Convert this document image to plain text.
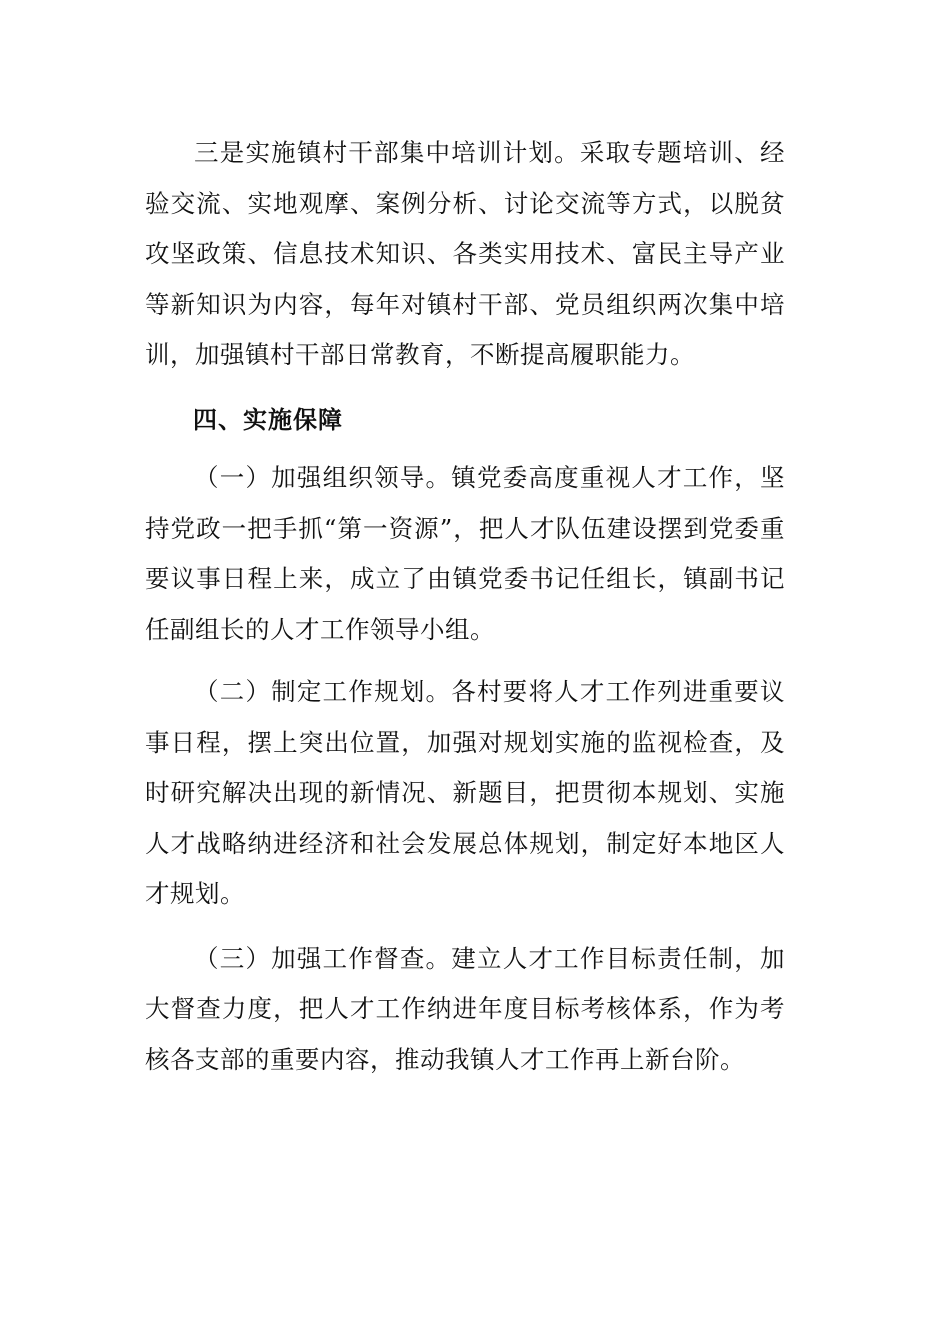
三是实施镇村干部集中培训计划。采取专题培训、经验交流、实地观摩、案例分析、讨论交流等方式，以脱贫攻坚政策、信息技术知识、各类实用技术、富民主导产业等新知识为内容，每年对镇村干部、党员组织两次集中培训，加强镇村干部日常教育，不断提高履职能力。

四、实施保障

（一）加强组织领导。镇党委高度重视人才工作，坚持党政一把手抓“第一资源”，把人才队伍建设摆到党委重要议事日程上来，成立了由镇党委书记任组长，镇副书记任副组长的人才工作领导小组。

（二）制定工作规划。各村要将人才工作列进重要议事日程，摆上突出位置，加强对规划实施的监视检查，及时研究解决出现的新情况、新题目，把贯彻本规划、实施人才战略纳进经济和社会发展总体规划，制定好本地区人才规划。

（三）加强工作督查。建立人才工作目标责任制，加大督查力度，把人才工作纳进年度目标考核体系，作为考核各支部的重要内容，推动我镇人才工作再上新台阶。
